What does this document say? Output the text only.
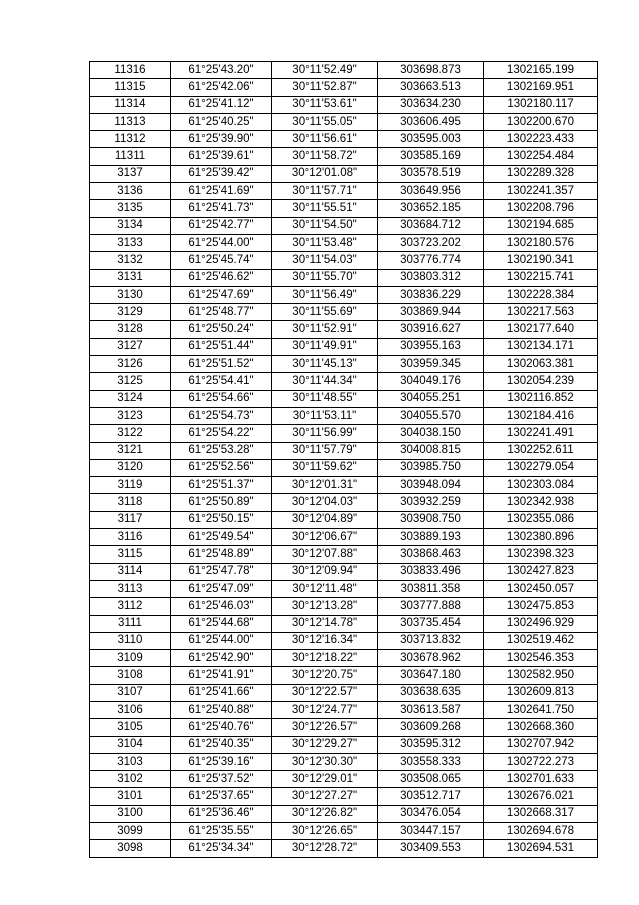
11316	61°25'43.20"	30°11'52.49"	303698.873	1302165.199
11315	61°25'42.06"	30°11'52.87"	303663.513	1302169.951
11314	61°25'41.12"	30°11'53.61"	303634.230	1302180.117
11313	61°25'40.25"	30°11'55.05"	303606.495	1302200.670
11312	61°25'39.90"	30°11'56.61"	303595.003	1302223.433
11311	61°25'39.61"	30°11'58.72"	303585.169	1302254.484
3137	61°25'39.42"	30°12'01.08"	303578.519	1302289.328
3136	61°25'41.69"	30°11'57.71"	303649.956	1302241.357
3135	61°25'41.73"	30°11'55.51"	303652.185	1302208.796
3134	61°25'42.77"	30°11'54.50"	303684.712	1302194.685
3133	61°25'44.00"	30°11'53.48"	303723.202	1302180.576
3132	61°25'45.74"	30°11'54.03"	303776.774	1302190.341
3131	61°25'46.62"	30°11'55.70"	303803.312	1302215.741
3130	61°25'47.69"	30°11'56.49"	303836.229	1302228.384
3129	61°25'48.77"	30°11'55.69"	303869.944	1302217.563
3128	61°25'50.24"	30°11'52.91"	303916.627	1302177.640
3127	61°25'51.44"	30°11'49.91"	303955.163	1302134.171
3126	61°25'51.52"	30°11'45.13"	303959.345	1302063.381
3125	61°25'54.41"	30°11'44.34"	304049.176	1302054.239
3124	61°25'54.66"	30°11'48.55"	304055.251	1302116.852
3123	61°25'54.73"	30°11'53.11"	304055.570	1302184.416
3122	61°25'54.22"	30°11'56.99"	304038.150	1302241.491
3121	61°25'53.28"	30°11'57.79"	304008.815	1302252.611
3120	61°25'52.56"	30°11'59.62"	303985.750	1302279.054
3119	61°25'51.37"	30°12'01.31"	303948.094	1302303.084
3118	61°25'50.89"	30°12'04.03"	303932.259	1302342.938
3117	61°25'50.15"	30°12'04.89"	303908.750	1302355.086
3116	61°25'49.54"	30°12'06.67"	303889.193	1302380.896
3115	61°25'48.89"	30°12'07.88"	303868.463	1302398.323
3114	61°25'47.78"	30°12'09.94"	303833.496	1302427.823
3113	61°25'47.09"	30°12'11.48"	303811.358	1302450.057
3112	61°25'46.03"	30°12'13.28"	303777.888	1302475.853
3111	61°25'44.68"	30°12'14.78"	303735.454	1302496.929
3110	61°25'44.00"	30°12'16.34"	303713.832	1302519.462
3109	61°25'42.90"	30°12'18.22"	303678.962	1302546.353
3108	61°25'41.91"	30°12'20.75"	303647.180	1302582.950
3107	61°25'41.66"	30°12'22.57"	303638.635	1302609.813
3106	61°25'40.88"	30°12'24.77"	303613.587	1302641.750
3105	61°25'40.76"	30°12'26.57"	303609.268	1302668.360
3104	61°25'40.35"	30°12'29.27"	303595.312	1302707.942
3103	61°25'39.16"	30°12'30.30"	303558.333	1302722.273
3102	61°25'37.52"	30°12'29.01"	303508.065	1302701.633
3101	61°25'37.65"	30°12'27.27"	303512.717	1302676.021
3100	61°25'36.46"	30°12'26.82"	303476.054	1302668.317
3099	61°25'35.55"	30°12'26.65"	303447.157	1302694.678
3098	61°25'34.34"	30°12'28.72"	303409.553	1302694.531
